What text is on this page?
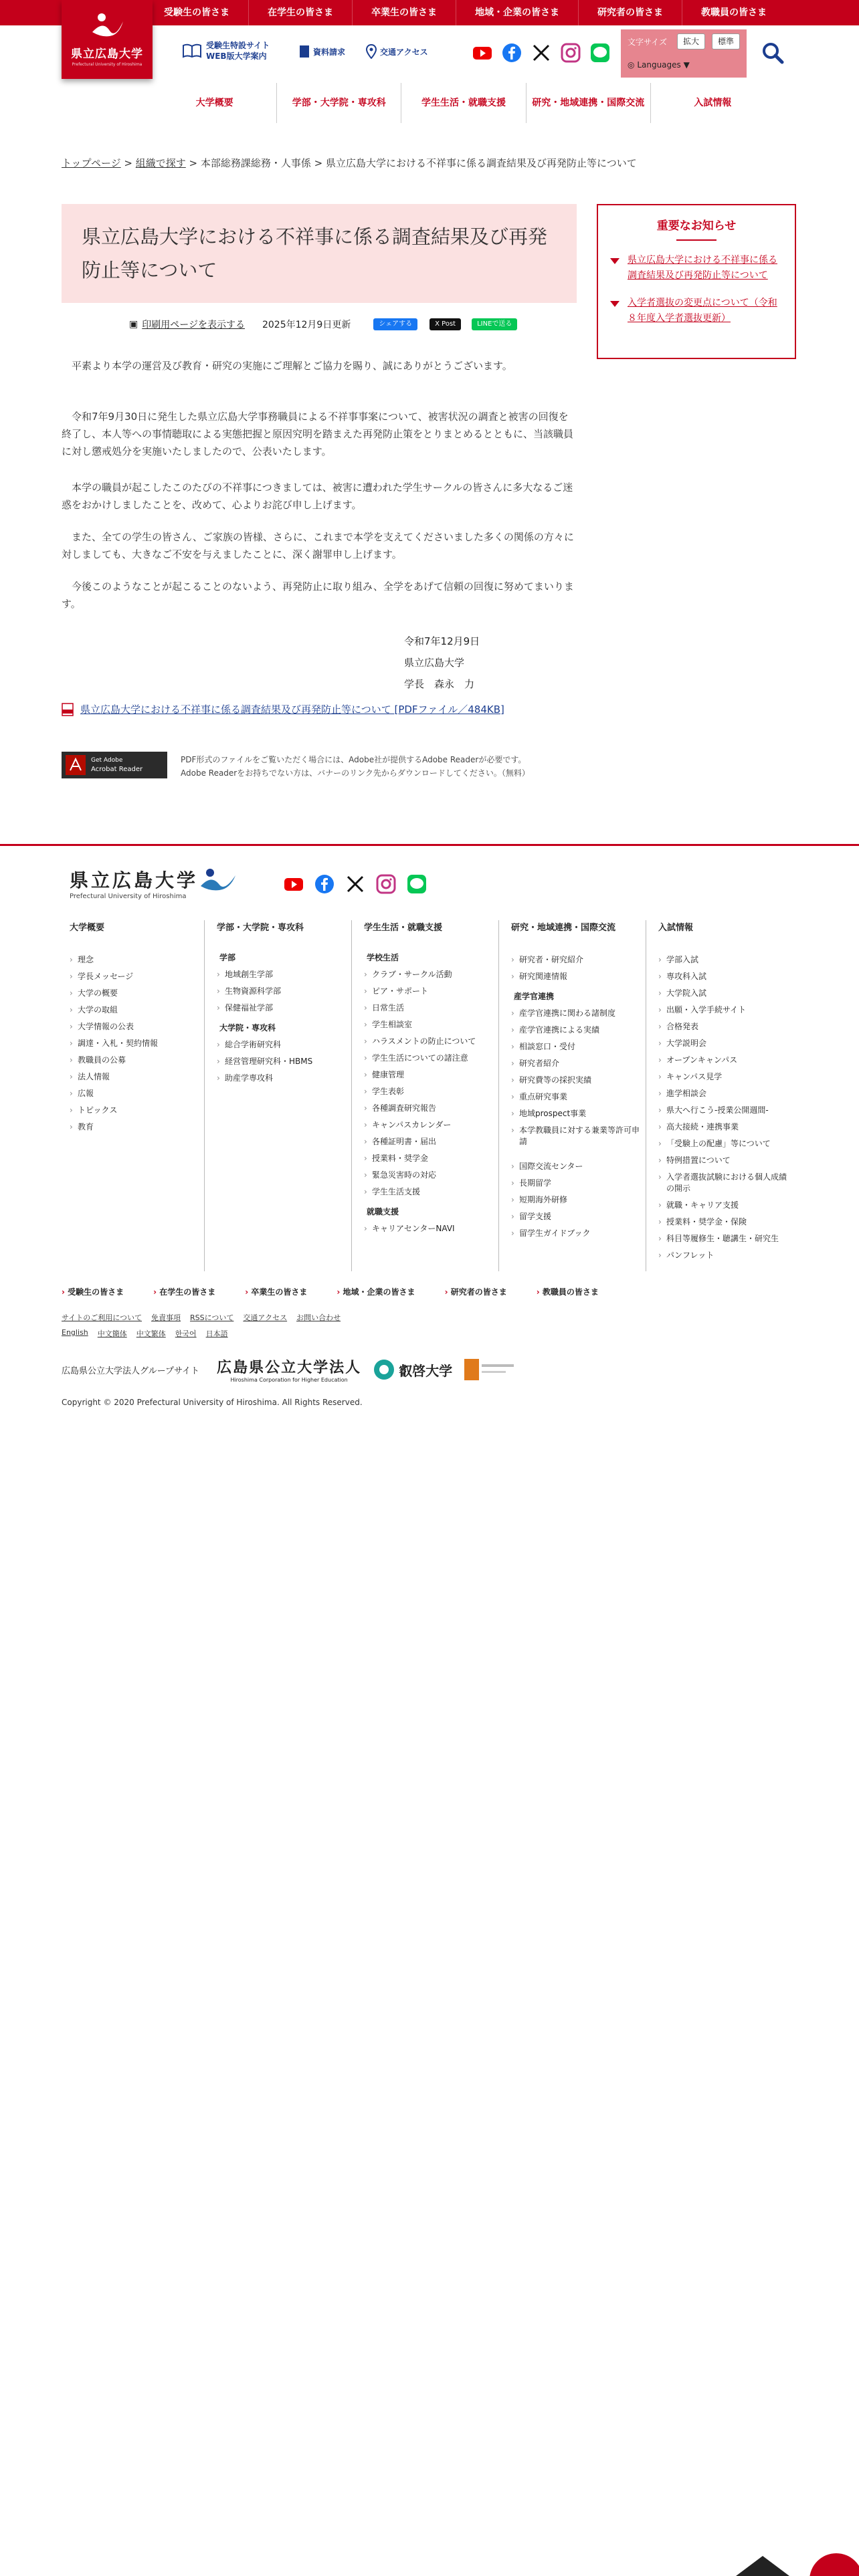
受験生の皆さま	在学生の皆さま	卒業生の皆さま	地域・企業の皆さま	研究者の皆さま	教職員の皆さま
県立広島大学
Prefectural University of Hiroshima
受験生特設サイト
WEB版大学案内	資料請求	交通アクセス
文字サイズ	拡大	標準
◎ Languages ▼
大学概要	学部・大学院・専攻科	学生生活・就職支援	研究・地域連携・国際交流	入試情報
トップページ > 組織で探す > 本部総務課総務・人事係 > 県立広島大学における不祥事に係る調査結果及び再発防止等について
県立広島大学における不祥事に係る調査結果及び再発防止等について
▣ 印刷用ページを表示する 2025年12月9日更新	シェアする	X Post	LINEで送る

平素より本学の運営及び教育・研究の実施にご理解とご協力を賜り、誠にありがとうございます。

令和7年9月30日に発生した県立広島大学事務職員による不祥事事案について、被害状況の調査と被害の回復を終了し、本人等への事情聴取による実態把握と原因究明を踏まえた再発防止策をとりまとめるとともに、当該職員に対し懲戒処分を実施いたしましたので、公表いたします。

本学の職員が起こしたこのたびの不祥事につきましては、被害に遭われた学生サークルの皆さんに多大なるご迷惑をおかけしましたことを、改めて、心よりお詫び申し上げます。

また、全ての学生の皆さん、ご家族の皆様、さらに、これまで本学を支えてくださいました多くの関係の方々に対しましても、大きなご不安を与えましたことに、深く謝罪申し上げます。

今後このようなことが起こることのないよう、再発防止に取り組み、全学をあげて信頼の回復に努めてまいります。

令和7年12月9日
県立広島大学
学長　森永　力
県立広島大学における不祥事に係る調査結果及び再発防止等について [PDFファイル／484KB]
Get Adobe
Acrobat Reader
PDF形式のファイルをご覧いただく場合には、Adobe社が提供するAdobe Readerが必要です。
Adobe Readerをお持ちでない方は、バナーのリンク先からダウンロードしてください。（無料）
重要なお知らせ
県立広島大学における不祥事に係る調査結果及び再発防止等について
入学者選抜の変更点について（令和８年度入学者選抜更新）
県立広島大学
Prefectural University of Hiroshima
大学概要
› 理念
› 学長メッセージ
› 大学の概要
› 大学の取組
› 大学情報の公表
› 調達・入札・契約情報
› 教職員の公募
› 法人情報
› 広報
› トピックス
› 教育
学部・大学院・専攻科
学部
› 地域創生学部
› 生物資源科学部
› 保健福祉学部
大学院・専攻科
› 総合学術研究科
› 経営管理研究科・HBMS
› 助産学専攻科
学生生活・就職支援
学校生活
› クラブ・サークル活動
› ピア・サポート
› 日常生活
› 学生相談室
› ハラスメントの防止について
› 学生生活についての諸注意
› 健康管理
› 学生表彰
› 各種調査研究報告
› キャンパスカレンダー
› 各種証明書・届出
› 授業料・奨学金
› 緊急災害時の対応
› 学生生活支援
就職支援
› キャリアセンターNAVI
研究・地域連携・国際交流
› 研究者・研究紹介
› 研究関連情報
産学官連携
› 産学官連携に関わる諸制度
› 産学官連携による実績
› 相談窓口・受付
› 研究者紹介
› 研究費等の採択実績
› 重点研究事業
› 地域prospect事業
› 本学教職員に対する兼業等許可申請
› 国際交流センター
› 長期留学
› 短期海外研修
› 留学支援
› 留学生ガイドブック
入試情報
› 学部入試
› 専攻科入試
› 大学院入試
› 出願・入学手続サイト
› 合格発表
› 大学説明会
› オープンキャンパス
› キャンパス見学
› 進学相談会
› 県大へ行こう-授業公開週間-
› 高大接続・連携事業
› 「受験上の配慮」等について
› 特例措置について
› 入学者選抜試験における個人成績の開示
› 就職・キャリア支援
› 授業料・奨学金・保険
› 科目等履修生・聴講生・研究生
› パンフレット
› 受験生の皆さま	› 在学生の皆さま	› 卒業生の皆さま	› 地域・企業の皆さま	› 研究者の皆さま	› 教職員の皆さま
サイトのご利用について 免責事項 RSSについて 交通アクセス お問い合わせ
English 中文簡体 中文繁体 한국어 日本語
広島県公立大学法人グループサイト 広島県公立大学法人
Hiroshima Corporation for Higher Education
叡啓大学
Copyright © 2020 Prefectural University of Hiroshima. All Rights Reserved.
